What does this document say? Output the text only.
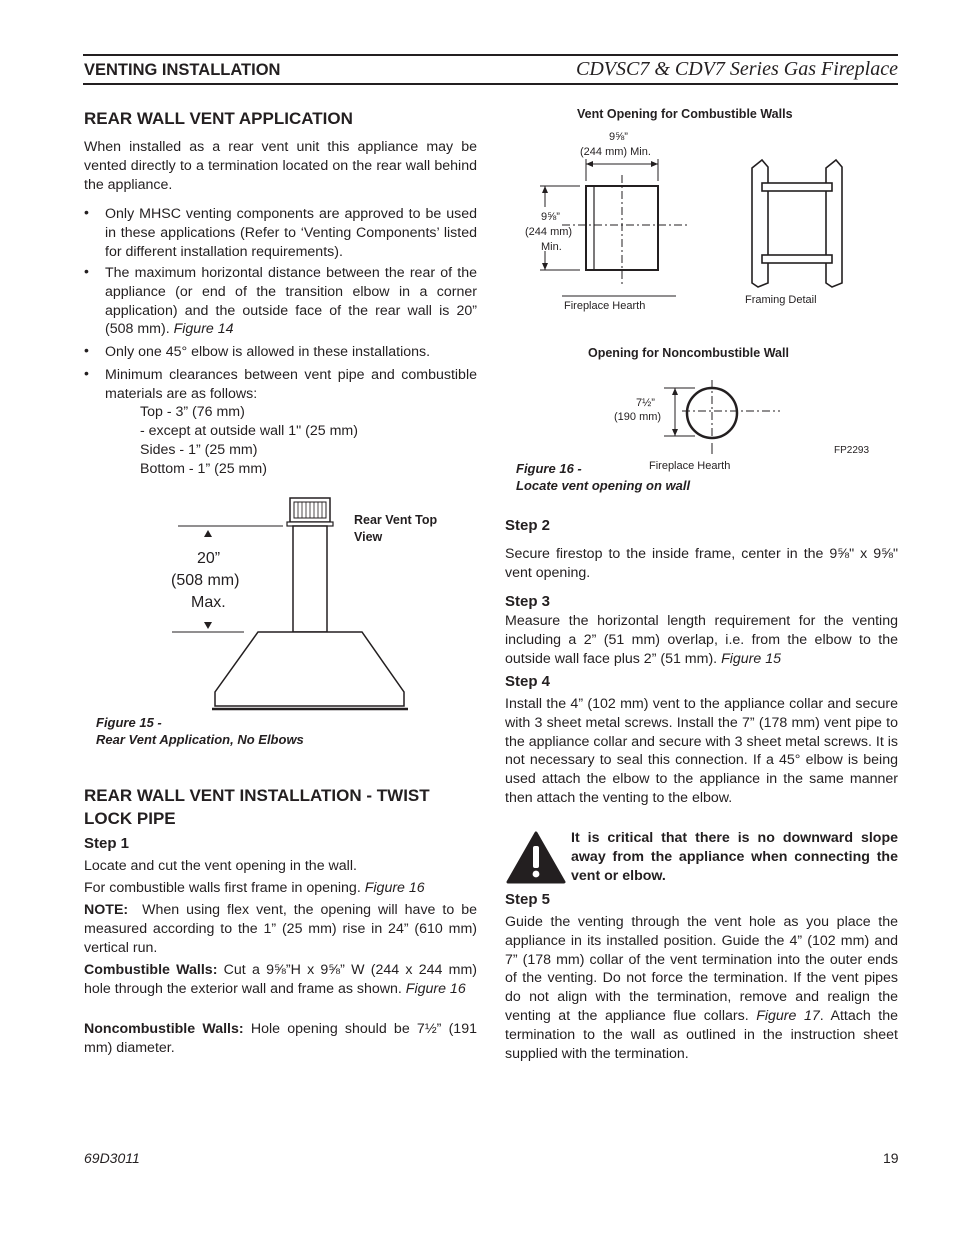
VENTING INSTALLATION	CDVSC7 & CDV7 Series Gas Fireplace
REAR WALL VENT APPLICATION
When installed as a rear vent unit this appliance may be vented directly to a termination located on the rear wall behind the appliance.
• Only MHSC venting components are approved to be used in these applications (Refer to ‘Venting Components’ listed for different installation requirements).
• The maximum horizontal distance between the rear of the appliance (or end of the transition elbow in a corner application) and the outside face of the rear wall is 20” (508 mm). Figure 14
• Only one 45° elbow is allowed in these installations.
• Minimum clearances between vent pipe and combustible materials are as follows:
Top - 3” (76 mm)
- except at outside wall 1" (25 mm)
Sides - 1” (25 mm)
Bottom - 1” (25 mm)
20”
(508 mm)
Max.
Rear Vent Top View
Figure 15 -
Rear Vent Application, No Elbows
REAR WALL VENT INSTALLATION - TWIST LOCK PIPE
Step 1
Locate and cut the vent opening in the wall.
For combustible walls first frame in opening. Figure 16
NOTE: When using flex vent, the opening will have to be measured according to the 1” (25 mm) rise in 24” (610 mm) vertical run.
Combustible Walls: Cut a 9⅝”H x 9⅝” W (244 x 244 mm) hole through the exterior wall and frame as shown. Figure 16
Noncombustible Walls: Hole opening should be 7½” (191 mm) diameter.
Vent Opening for Combustible Walls
9⅝”
(244 mm) Min.
9⅝”
(244 mm)
Min.
Fireplace Hearth	Framing Detail
Opening for Noncombustible Wall
7½”
(190 mm)
FP2293
Fireplace Hearth
Figure 16 -
Locate vent opening on wall
Step 2
Secure firestop to the inside frame, center in the 9⅝" x 9⅝" vent opening.
Step 3
Measure the horizontal length requirement for the venting including a 2” (51 mm) overlap, i.e. from the elbow to the outside wall face plus 2” (51 mm). Figure 15
Step 4
Install the 4” (102 mm) vent to the appliance collar and secure with 3 sheet metal screws. Install the 7” (178 mm) vent pipe to the appliance collar and secure with 3 sheet metal screws. It is not necessary to seal this connection. If a 45° elbow is being used attach the elbow to the appliance in the same manner then attach the venting to the elbow.
It is critical that there is no downward slope away from the appliance when connecting the vent or elbow.
Step 5
Guide the venting through the vent hole as you place the appliance in its installed position. Guide the 4” (102 mm) and 7” (178 mm) collar of the vent termination into the outer ends of the venting. Do not force the termination. If the vent pipes do not align with the termination, remove and realign the venting at the appliance flue collars. Figure 17. Attach the termination to the wall as outlined in the instruction sheet supplied with the termination.
69D3011	19
